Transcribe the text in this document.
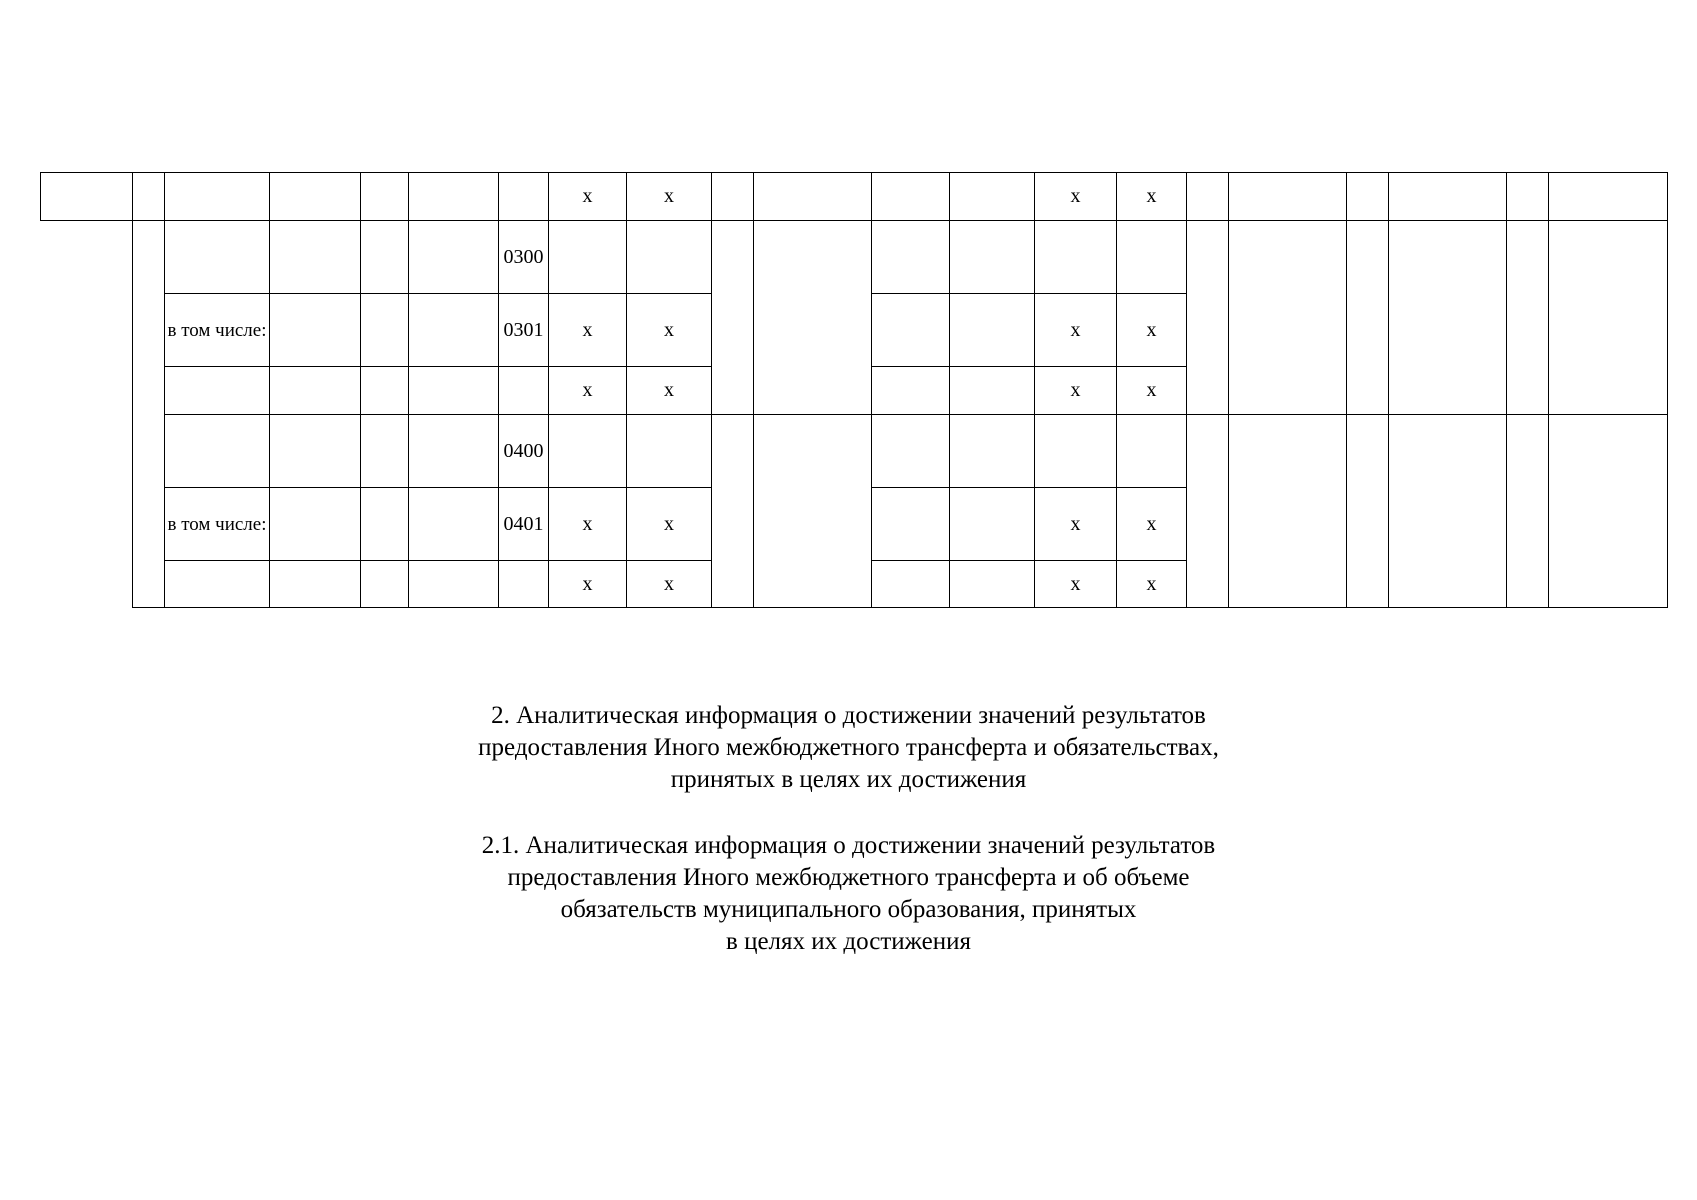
							x	x					x	x						
						0300														
		в том числе:				0301	x	x					x	x						
							x	x					x	x						
						0400														
		в том числе:				0401	x	x					x	x						
							x	x					x	x						
2. Аналитическая информация о достижении значений результатов
предоставления Иного межбюджетного трансферта и обязательствах,
принятых в целях их достижения
2.1. Аналитическая информация о достижении значений результатов
предоставления Иного межбюджетного трансферта и об объеме
обязательств муниципального образования, принятых
в целях их достижения
